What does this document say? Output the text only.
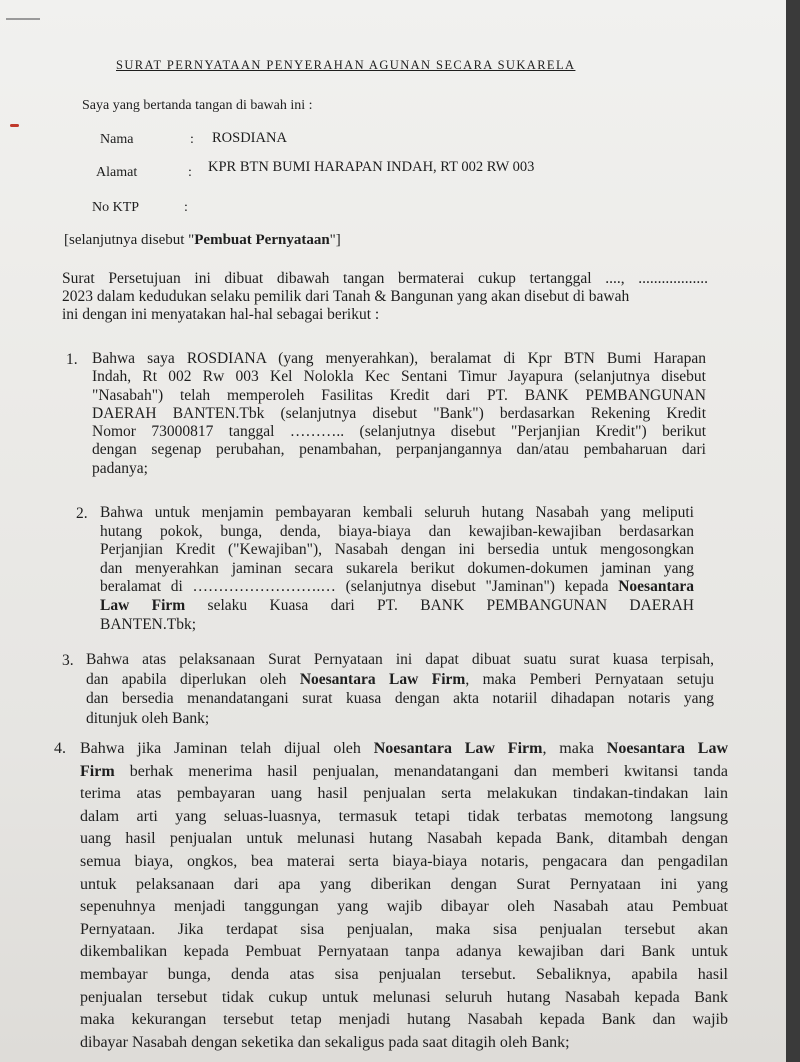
SURAT PERNYATAAN PENYERAHAN AGUNAN SECARA SUKARELA
Saya yang bertanda tangan di bawah ini :
Nama	: ROSDIANA
Alamat	: KPR BTN BUMI HARAPAN INDAH, RT 002 RW 003
No KTP	:
[selanjutnya disebut "Pembuat Pernyataan"]
Surat Persetujuan ini dibuat dibawah tangan bermaterai cukup tertanggal ...., ..................
2023 dalam kedudukan selaku pemilik dari Tanah & Bangunan yang akan disebut di bawah
ini dengan ini menyatakan hal-hal sebagai berikut :
1. Bahwa saya ROSDIANA (yang menyerahkan), beralamat di Kpr BTN Bumi Harapan
Indah, Rt 002 Rw 003 Kel Nolokla Kec Sentani Timur Jayapura (selanjutnya disebut
"Nasabah") telah memperoleh Fasilitas Kredit dari PT. BANK PEMBANGUNAN
DAERAH BANTEN.Tbk (selanjutnya disebut "Bank") berdasarkan Rekening Kredit
Nomor 73000817 tanggal ……….. (selanjutnya disebut "Perjanjian Kredit") berikut
dengan segenap perubahan, penambahan, perpanjangannya dan/atau pembaharuan dari
padanya;
2. Bahwa untuk menjamin pembayaran kembali seluruh hutang Nasabah yang meliputi
hutang pokok, bunga, denda, biaya-biaya dan kewajiban-kewajiban berdasarkan
Perjanjian Kredit ("Kewajiban"), Nasabah dengan ini bersedia untuk mengosongkan
dan menyerahkan jaminan secara sukarela berikut dokumen-dokumen jaminan yang
beralamat di …………………….… (selanjutnya disebut "Jaminan") kepada Noesantara
Law Firm selaku Kuasa dari PT. BANK PEMBANGUNAN DAERAH
BANTEN.Tbk;
3. Bahwa atas pelaksanaan Surat Pernyataan ini dapat dibuat suatu surat kuasa terpisah,
dan apabila diperlukan oleh Noesantara Law Firm, maka Pemberi Pernyataan setuju
dan bersedia menandatangani surat kuasa dengan akta notariil dihadapan notaris yang
ditunjuk oleh Bank;
4. Bahwa jika Jaminan telah dijual oleh Noesantara Law Firm, maka Noesantara Law
Firm berhak menerima hasil penjualan, menandatangani dan memberi kwitansi tanda
terima atas pembayaran uang hasil penjualan serta melakukan tindakan-tindakan lain
dalam arti yang seluas-luasnya, termasuk tetapi tidak terbatas memotong langsung
uang hasil penjualan untuk melunasi hutang Nasabah kepada Bank, ditambah dengan
semua biaya, ongkos, bea materai serta biaya-biaya notaris, pengacara dan pengadilan
untuk pelaksanaan dari apa yang diberikan dengan Surat Pernyataan ini yang
sepenuhnya menjadi tanggungan yang wajib dibayar oleh Nasabah atau Pembuat
Pernyataan. Jika terdapat sisa penjualan, maka sisa penjualan tersebut akan
dikembalikan kepada Pembuat Pernyataan tanpa adanya kewajiban dari Bank untuk
membayar bunga, denda atas sisa penjualan tersebut. Sebaliknya, apabila hasil
penjualan tersebut tidak cukup untuk melunasi seluruh hutang Nasabah kepada Bank
maka kekurangan tersebut tetap menjadi hutang Nasabah kepada Bank dan wajib
dibayar Nasabah dengan seketika dan sekaligus pada saat ditagih oleh Bank;
